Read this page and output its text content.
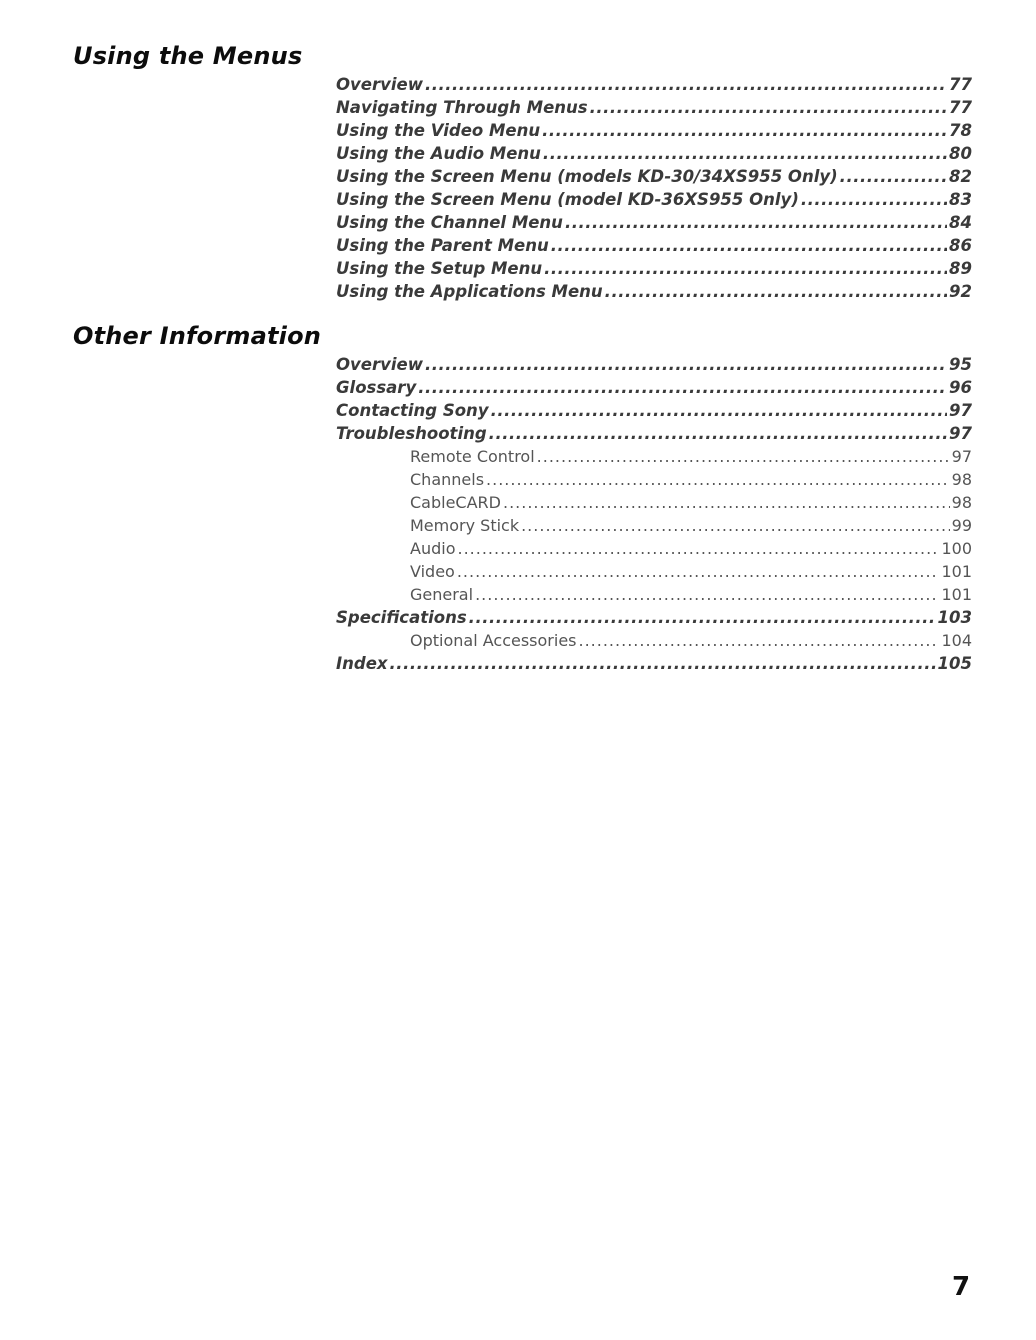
Using the Menus
Overview .....	77
Navigating Through Menus .....	77
Using the Video Menu .....	78
Using the Audio Menu .....	80
Using the Screen Menu (models KD-30/34XS955 Only) .....	82
Using the Screen Menu (model KD-36XS955 Only) .....	83
Using the Channel Menu .....	84
Using the Parent Menu .....	86
Using the Setup Menu .....	89
Using the Applications Menu .....	92
Other Information
Overview .....	95
Glossary .....	96
Contacting Sony .....	97
Troubleshooting .....	97
Remote Control .....	97
Channels .....	98
CableCARD .....	98
Memory Stick .....	99
Audio .....	100
Video .....	101
General .....	101
Specifications .....	103
Optional Accessories .....	104
Index .....	105
7
